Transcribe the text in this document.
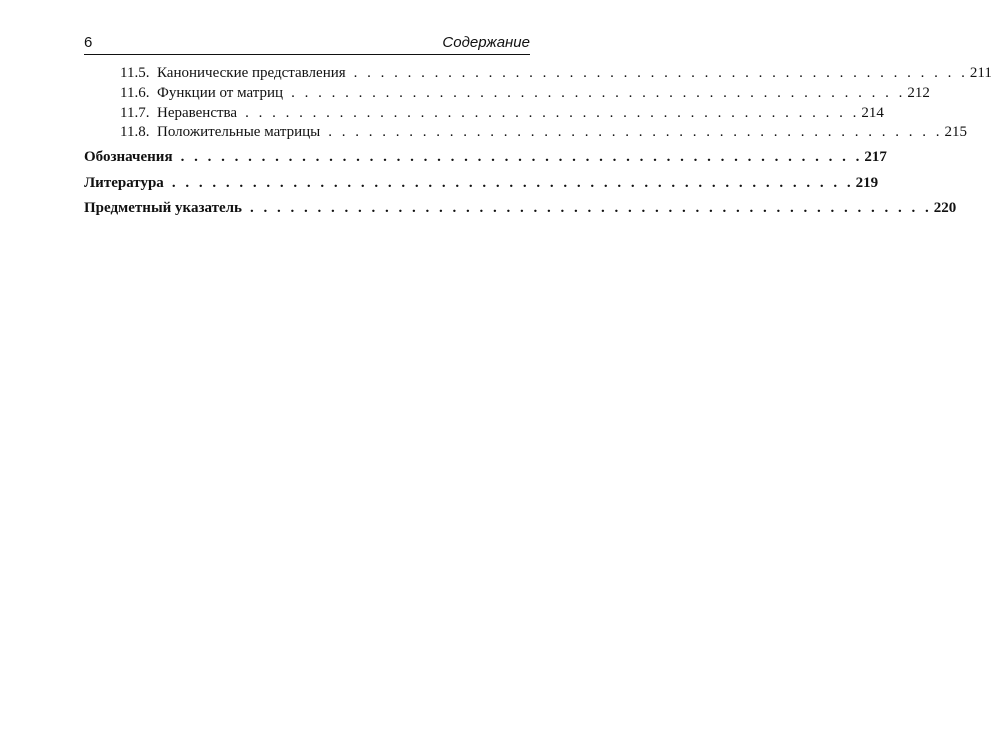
6	Содержание
11.5. Канонические представления . . . . . . . . . . . . . . . . . . . . . . . . . . . . . . . . . . . . . . . . . . . . . . 211
11.6. Функции от матриц . . . . . . . . . . . . . . . . . . . . . . . . . . . . . . . . . . . . . . . . . . . . . . 212
11.7. Неравенства . . . . . . . . . . . . . . . . . . . . . . . . . . . . . . . . . . . . . . . . . . . . . . 214
11.8. Положительные матрицы . . . . . . . . . . . . . . . . . . . . . . . . . . . . . . . . . . . . . . . . . . . . . . 215
Обозначения . . . . . . . . . . . . . . . . . . . . . . . . . . . . . . . . . . . . . . . . . . . . . . . . . . . 217
Литература . . . . . . . . . . . . . . . . . . . . . . . . . . . . . . . . . . . . . . . . . . . . . . . . . . . 219
Предметный указатель . . . . . . . . . . . . . . . . . . . . . . . . . . . . . . . . . . . . . . . . . . . . . . . . . . . 220
